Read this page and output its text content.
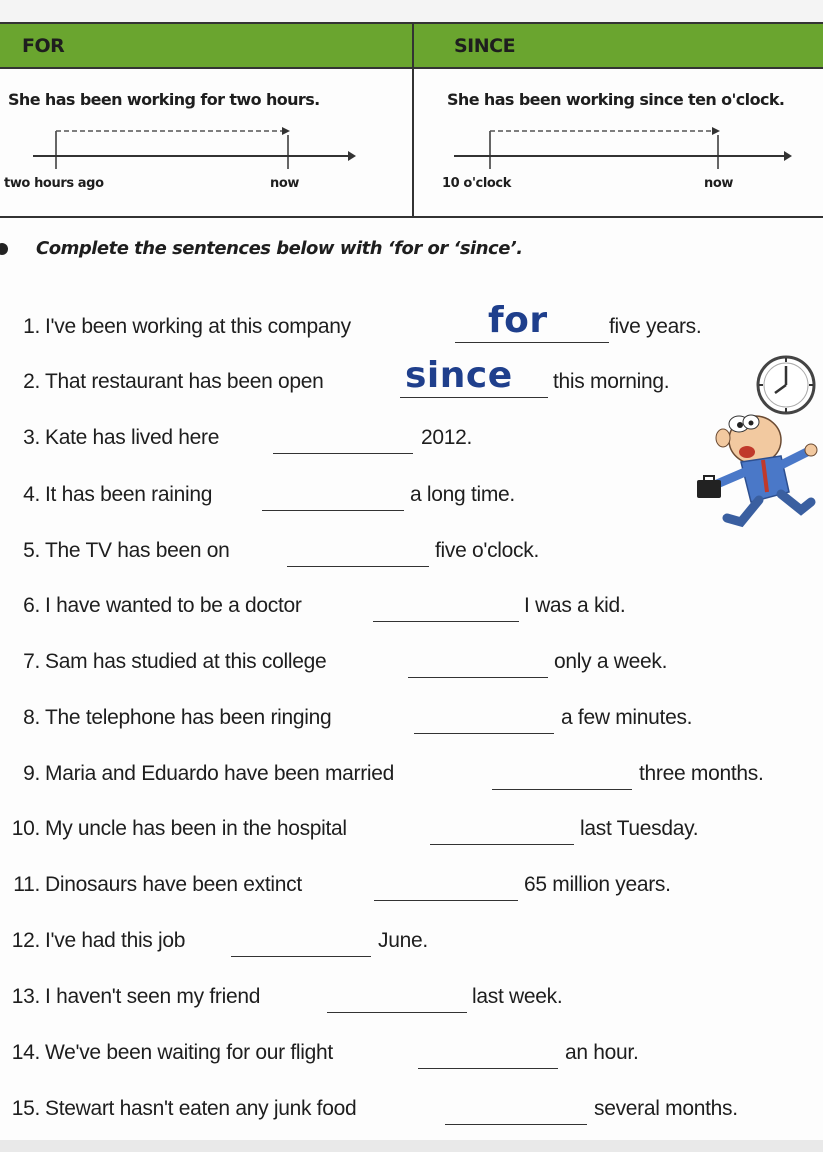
FOR
She has been working for two hours.
two hours ago	now
SINCE
She has been working since ten o'clock.
10 o'clock	now
Complete the sentences below with ‘for or ‘since’.
1. I've been working at this company	for	five years.
2. That restaurant has been open since this morning.
3. Kate has lived here	2012.
4. It has been raining	a long time.
5. The TV has been on	five o'clock.
6. I have wanted to be a doctor	I was a kid.
7. Sam has studied at this college	only a week.
8. The telephone has been ringing	a few minutes.
9. Maria and Eduardo have been married	three months.
10. My uncle has been in the hospital	last Tuesday.
11. Dinosaurs have been extinct	65 million years.
12. I've had this job	June.
13. I haven't seen my friend	last week.
14. We've been waiting for our flight	an hour.
15. Stewart hasn't eaten any junk food	several months.
